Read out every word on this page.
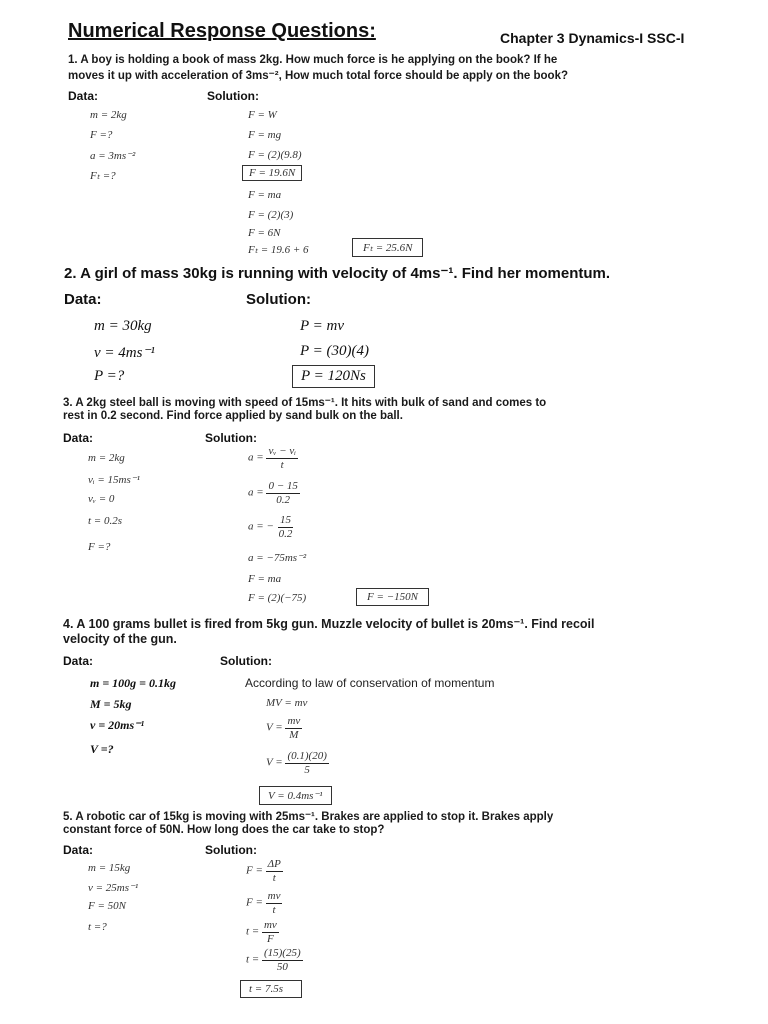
Numerical Response Questions:	Chapter 3 Dynamics-I SSC-I
1. A boy is holding a book of mass 2kg. How much force is he applying on the book? If he
moves it up with acceleration of 3ms⁻², How much total force should be apply on the book?
Data:	Solution:
m = 2kg
F =?
a = 3ms⁻²
Fₜ =?
F = W
F = mg
F = (2)(9.8)
F = 19.6N
F = ma
F = (2)(3)
F = 6N
Fₜ = 19.6 + 6	Fₜ = 25.6N
2. A girl of mass 30kg is running with velocity of 4ms⁻¹. Find her momentum.
Data:	Solution:
m = 30kg
v = 4ms⁻¹
P =?
P = mv
P = (30)(4)
P = 120Ns
3. A 2kg steel ball is moving with speed of 15ms⁻¹. It hits with bulk of sand and comes to
rest in 0.2 second. Find force applied by sand bulk on the ball.
Data:	Solution:
m = 2kg
vᵢ = 15ms⁻¹
vᵥ = 0
t = 0.2s
F =?
$a = \frac{\text{vᵥ − vᵢ}}{t}$
$a = \frac{0 - 15}{0.2}$
a = − $\frac{15}{0.2}$
a = −75ms⁻²
F = ma
F = (2)(−75)	F = −150N
4. A 100 grams bullet is fired from 5kg gun. Muzzle velocity of bullet is 20ms⁻¹. Find recoil
velocity of the gun.
Data:	Solution:
m = 100g = 0.1kg
M = 5kg
v = 20ms⁻¹
V =?
According to law of conservation of momentum
MV = mv
$V = \frac{mv}{M}$
$V = \frac{(0.1)(20)}{5}$
V = 0.4ms⁻¹
5. A robotic car of 15kg is moving with 25ms⁻¹. Brakes are applied to stop it. Brakes apply
constant force of 50N. How long does the car take to stop?
Data:	Solution:
m = 15kg
v = 25ms⁻¹
F = 50N
t =?
$F = \frac{\Delta P}{t}$
$F = \frac{mv}{t}$
$t = \frac{mv}{F}$
$t = \frac{(15)(25)}{50}$
t = 7.5s
